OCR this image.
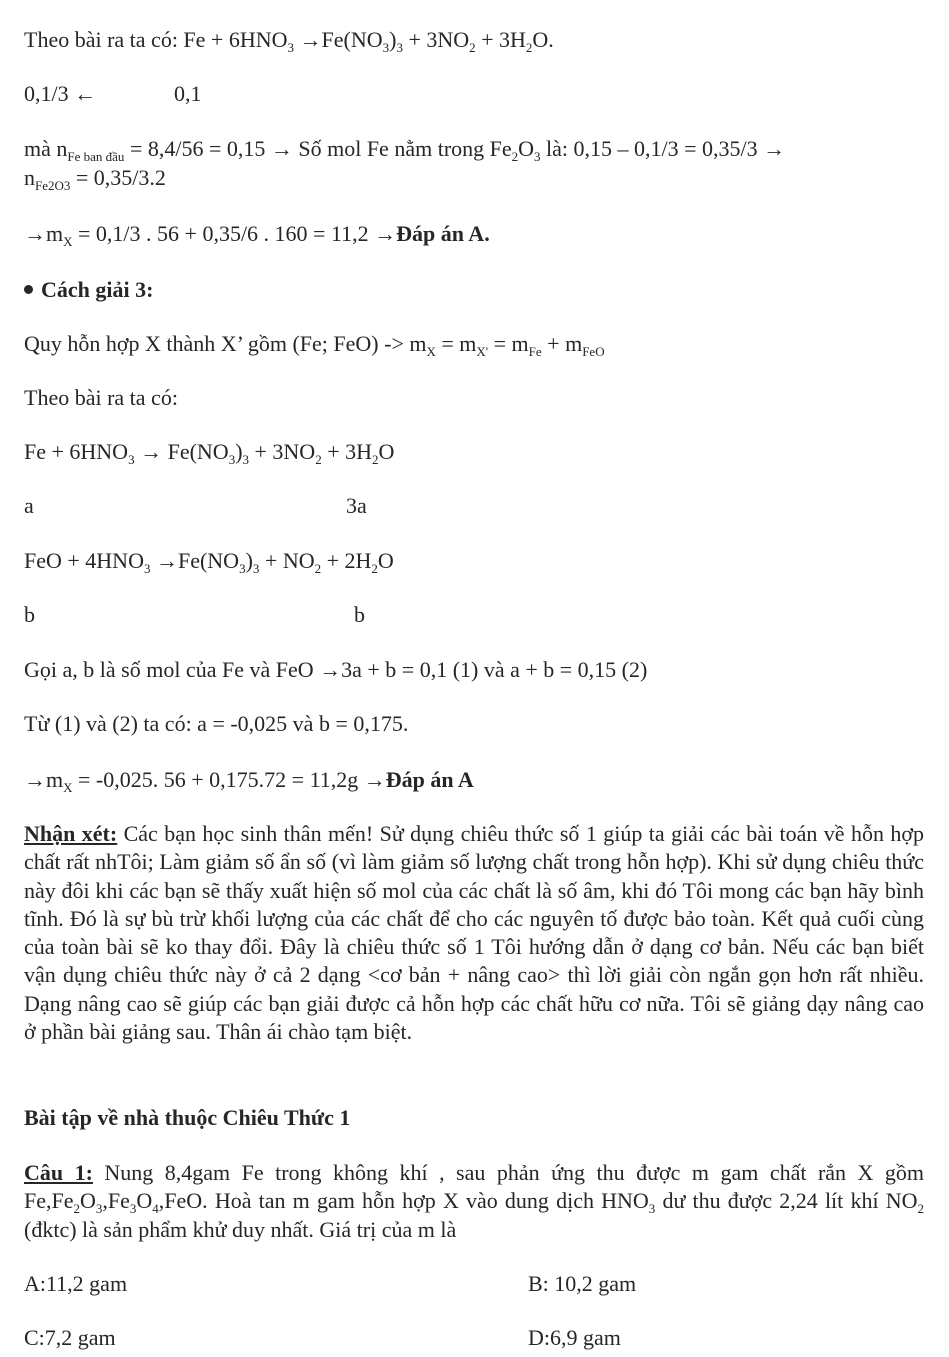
Theo bài ra ta có: $Fe + 6HNO_3 \to Fe(NO_3)_3 + 3NO_2 + 3H_2O$.
0,1/3 ←	0,1
mà $n_{Fe ban đầu} = 8,4/56 = 0,15$ → Số mol Fe nằm trong $Fe_2O_3$ là: 0,15 – 0,1/3 = 0,35/3 →
$n_{Fe2O3} = 0,35/3.2$
$\to m_X = 0,1/3$ . 56 + 0,35/6 . 160 = 11,2 →Đáp án A.
Cách giải 3:
Quy hỗn hợp X thành X’ gồm (Fe; $FeO) -> m_X = m_{X'} = m_{Fe} + m_{FeO}$
Theo bài ra ta có:
$Fe + 6HNO_3 \to Fe(NO_3)_3 + 3NO_2 + 3H_2O$
a	3a
FeO + $4HNO_3 \to Fe(NO_3)_3 + NO_2 + 2H_2O$
b	b
Gọi a, b là số mol của Fe và FeO →3a + b = 0,1 (1) và a + b = 0,15 (2)
Từ (1) và (2) ta có: a = -0,025 và b = 0,175.
$\to m_X = -0,025$. 56 + 0,175.72 = 11,2g →Đáp án A
Nhận xét: Các bạn học sinh thân mến! Sử dụng chiêu thức số 1 giúp ta giải các bài toán về hỗn hợp chất rất nhTôi; Làm giảm số ẩn số (vì làm giảm số lượng chất trong hỗn hợp). Khi sử dụng chiêu thức này đôi khi các bạn sẽ thấy xuất hiện số mol của các chất là số âm, khi đó Tôi mong các bạn hãy bình tĩnh. Đó là sự bù trừ khối lượng của các chất để cho các nguyên tố được bảo toàn. Kết quả cuối cùng của toàn bài sẽ ko thay đổi. Đây là chiêu thức số 1 Tôi hướng dẫn ở dạng cơ bản. Nếu các bạn biết vận dụng chiêu thức này ở cả 2 dạng <cơ bản + nâng cao> thì lời giải còn ngắn gọn hơn rất nhiều. Dạng nâng cao sẽ giúp các bạn giải được cả hỗn hợp các chất hữu cơ nữa. Tôi sẽ giảng dạy nâng cao ở phần bài giảng sau. Thân ái chào tạm biệt.
Bài tập về nhà thuộc Chiêu Thức 1
Câu 1: Nung 8,4gam Fe trong không khí , sau phản ứng thu được m gam chất rắn X gồm $Fe,Fe_2O_3,Fe_3O_4,FeO$. Hoà tan m gam hỗn hợp X vào dung dịch $HNO_3$ dư thu được 2,24 lít khí $NO_2$ (đktc) là sản phẩm khử duy nhất. Giá trị của m là
A:11,2 gam	B: 10,2 gam
C:7,2 gam	D:6,9 gam
